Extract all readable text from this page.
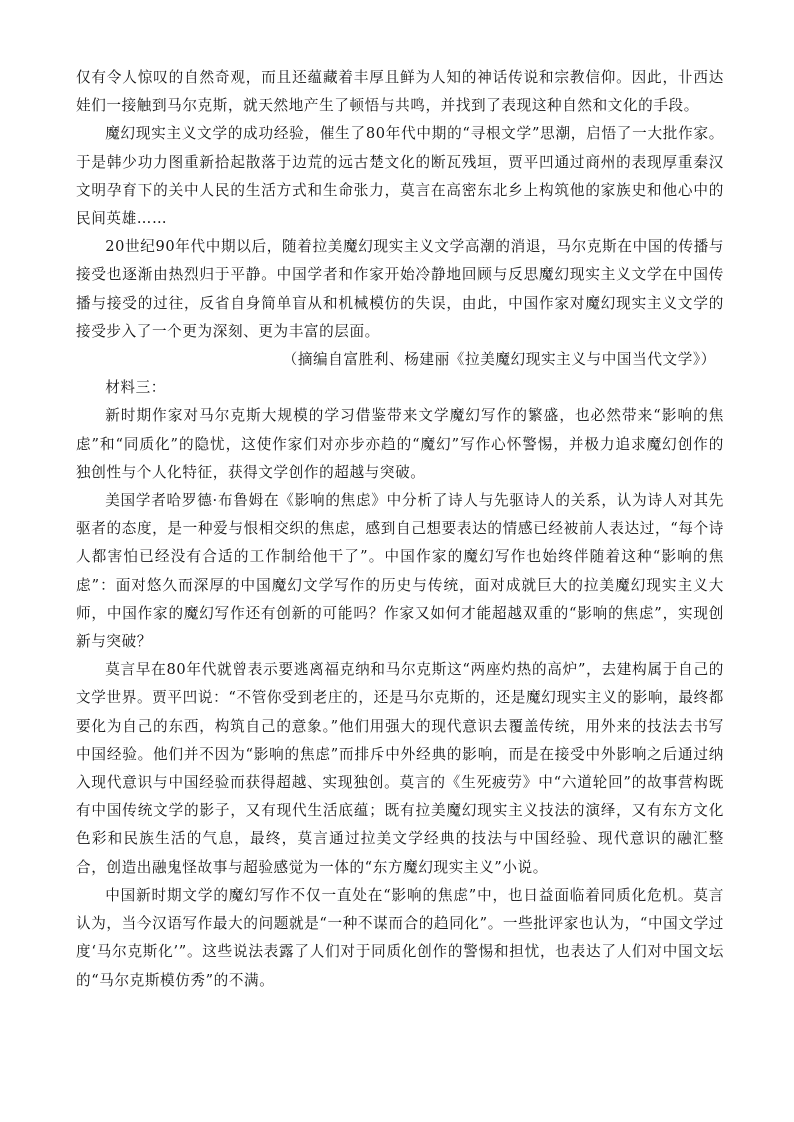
仅有令人惊叹的自然奇观，而且还蕴藏着丰厚且鲜为人知的神话传说和宗教信仰。因此，卝西达娃们一接触到马尔克斯，就天然地产生了顿悟与共鸣，并找到了表现这种自然和文化的手段。

魔幻现实主义文学的成功经验，催生了80年代中期的“寻根文学”思潮，启悟了一大批作家。于是韩少功力图重新拾起散落于边荒的远古楚文化的断瓦残垣，贾平凹通过商州的表现厚重秦汉文明孕育下的关中人民的生活方式和生命张力，莫言在高密东北乡上构筑他的家族史和他心中的民间英雄……

20世纪90年代中期以后，随着拉美魔幻现实主义文学高潮的消退，马尔克斯在中国的传播与接受也逐渐由热烈归于平静。中国学者和作家开始冷静地回顾与反思魔幻现实主义文学在中国传播与接受的过往，反省自身简单盲从和机械模仿的失误，由此，中国作家对魔幻现实主义文学的接受步入了一个更为深刻、更为丰富的层面。

（摘编自富胜利、杨建丽《拉美魔幻现实主义与中国当代文学》）

材料三：

新时期作家对马尔克斯大规模的学习借鉴带来文学魔幻写作的繁盛，也必然带来“影响的焦虑”和“同质化”的隐忧，这使作家们对亦步亦趋的“魔幻”写作心怀警惕，并极力追求魔幻创作的独创性与个人化特征，获得文学创作的超越与突破。

美国学者哈罗德·布鲁姆在《影响的焦虑》中分析了诗人与先驱诗人的关系，认为诗人对其先驱者的态度，是一种爱与恨相交织的焦虑，感到自己想要表达的情感已经被前人表达过，“每个诗人都害怕已经没有合适的工作制给他干了”。中国作家的魔幻写作也始终伴随着这种“影响的焦虑”：面对悠久而深厚的中国魔幻文学写作的历史与传统，面对成就巨大的拉美魔幻现实主义大师，中国作家的魔幻写作还有创新的可能吗？作家又如何才能超越双重的“影响的焦虑”，实现创新与突破？

莫言早在80年代就曾表示要逃离福克纳和马尔克斯这“两座灼热的高炉”，去建构属于自己的文学世界。贾平凹说：“不管你受到老庄的，还是马尔克斯的，还是魔幻现实主义的影响，最终都要化为自己的东西，构筑自己的意象。”他们用强大的现代意识去覆盖传统，用外来的技法去书写中国经验。他们并不因为“影响的焦虑”而排斥中外经典的影响，而是在接受中外影响之后通过纳入现代意识与中国经验而获得超越、实现独创。莫言的《生死疲劳》中“六道轮回”的故事营构既有中国传统文学的影子，又有现代生活底蕴；既有拉美魔幻现实主义技法的演绎，又有东方文化色彩和民族生活的气息，最终，莫言通过拉美文学经典的技法与中国经验、现代意识的融汇整合，创造出融鬼怪故事与超验感觉为一体的“东方魔幻现实主义”小说。

中国新时期文学的魔幻写作不仅一直处在“影响的焦虑”中，也日益面临着同质化危机。莫言认为，当今汉语写作最大的问题就是“一种不谋而合的趋同化”。一些批评家也认为，“中国文学过度‘马尔克斯化’”。这些说法表露了人们对于同质化创作的警惕和担忧，也表达了人们对中国文坛的“马尔克斯模仿秀”的不满。
